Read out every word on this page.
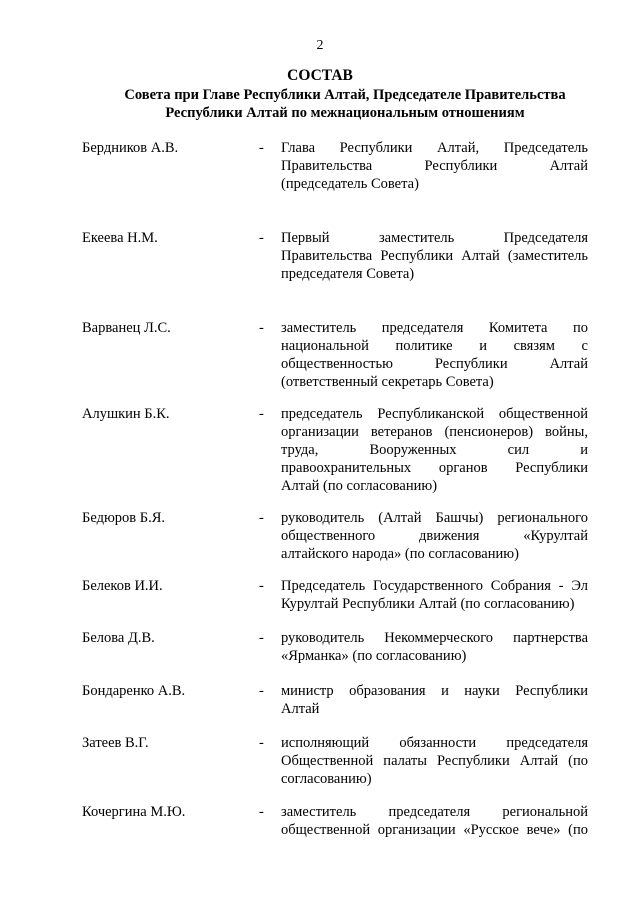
2
СОСТАВ
Совета при Главе Республики Алтай, Председателе Правительства
Республики Алтай по межнациональным отношениям
Бердников А.В.	- Глава Республики Алтай, Председатель
Правительства Республики Алтай
(председатель Совета)
Екеева Н.М.	- Первый заместитель Председателя
Правительства Республики Алтай (заместитель
председателя Совета)
Варванец Л.С.	- заместитель председателя Комитета по
национальной политике и связям с
общественностью Республики Алтай
(ответственный секретарь Совета)
Алушкин Б.К.	- председатель Республиканской общественной
организации ветеранов (пенсионеров) войны,
труда, Вооруженных сил и
правоохранительных органов Республики
Алтай (по согласованию)
Бедюров Б.Я.	- руководитель (Алтай Башчы) регионального
общественного движения «Курултай
алтайского народа» (по согласованию)
Белеков И.И.	- Председатель Государственного Собрания - Эл
Курултай Республики Алтай (по согласованию)
Белова Д.В.	- руководитель Некоммерческого партнерства
«Ярманка» (по согласованию)
Бондаренко А.В.	- министр образования и науки Республики
Алтай
Затеев В.Г.	- исполняющий обязанности председателя
Общественной палаты Республики Алтай (по
согласованию)
Кочергина М.Ю.	- заместитель председателя региональной
общественной организации «Русское вече» (по
